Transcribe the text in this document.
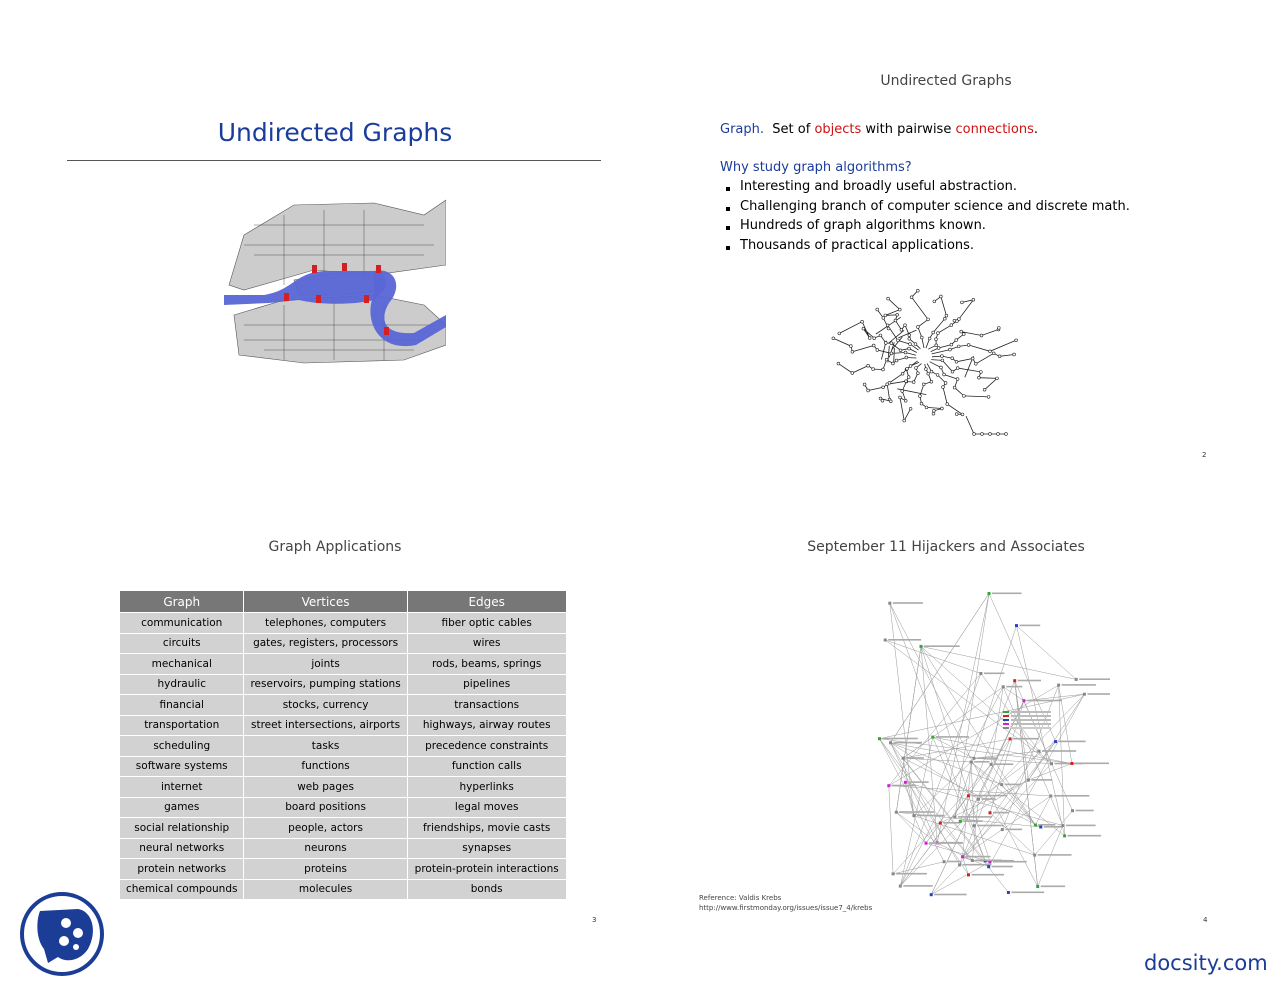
Undirected Graphs
Undirected Graphs
Graph. Set of objects with pairwise connections.
Why study graph algorithms?
Interesting and broadly useful abstraction.
Challenging branch of computer science and discrete math.
Hundreds of graph algorithms known.
Thousands of practical applications.
2
Graph Applications
Graph	Vertices	Edges
communication	telephones, computers	fiber optic cables
circuits	gates, registers, processors	wires
mechanical	joints	rods, beams, springs
hydraulic	reservoirs, pumping stations	pipelines
financial	stocks, currency	transactions
transportation	street intersections, airports	highways, airway routes
scheduling	tasks	precedence constraints
software systems	functions	function calls
internet	web pages	hyperlinks
games	board positions	legal moves
social relationship	people, actors	friendships, movie casts
neural networks	neurons	synapses
protein networks	proteins	protein-protein interactions
chemical compounds	molecules	bonds
3
September 11 Hijackers and Associates
Reference: Valdis Krebs
http://www.firstmonday.org/issues/issue7_4/krebs
4
docsity.com
